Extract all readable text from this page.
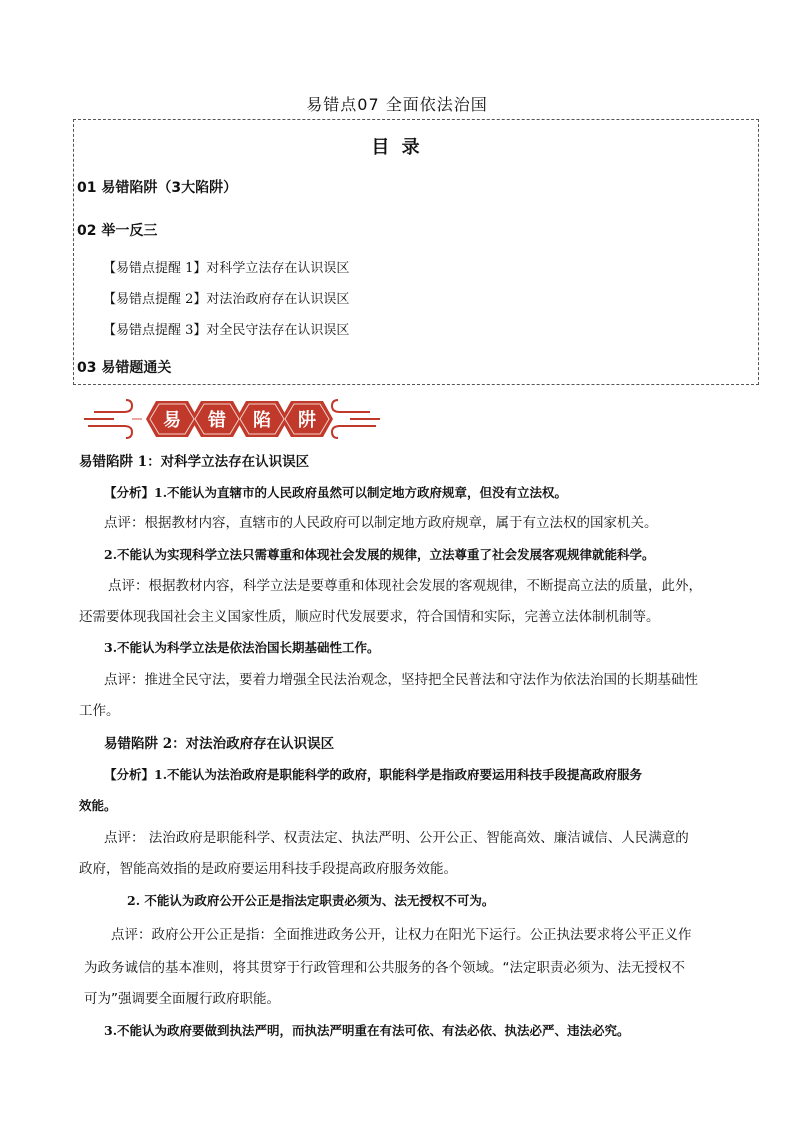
易错点07 全面依法治国
目 录
01 易错陷阱（3大陷阱）
02 举一反三
【易错点提醒 1】对科学立法存在认识误区
【易错点提醒 2】对法治政府存在认识误区
【易错点提醒 3】对全民守法存在认识误区
03 易错题通关
易 错 陷 阱
易错陷阱 1：对科学立法存在认识误区
【分析】1.不能认为直辖市的人民政府虽然可以制定地方政府规章，但没有立法权。
点评：根据教材内容，直辖市的人民政府可以制定地方政府规章，属于有立法权的国家机关。
2.不能认为实现科学立法只需尊重和体现社会发展的规律，立法尊重了社会发展客观规律就能科学。
点评：根据教材内容，科学立法是要尊重和体现社会发展的客观规律，不断提高立法的质量，此外，
还需要体现我国社会主义国家性质，顺应时代发展要求，符合国情和实际，完善立法体制机制等。
3.不能认为科学立法是依法治国长期基础性工作。
点评：推进全民守法，要着力增强全民法治观念，坚持把全民普法和守法作为依法治国的长期基础性
工作。
易错陷阱 2：对法治政府存在认识误区
【分析】1.不能认为法治政府是职能科学的政府，职能科学是指政府要运用科技手段提高政府服务
效能。
点评： 法治政府是职能科学、权责法定、执法严明、公开公正、智能高效、廉洁诚信、人民满意的
政府，智能高效指的是政府要运用科技手段提高政府服务效能。
2. 不能认为政府公开公正是指法定职责必须为、法无授权不可为。
点评：政府公开公正是指：全面推进政务公开，让权力在阳光下运行。公正执法要求将公平正义作
为政务诚信的基本准则，将其贯穿于行政管理和公共服务的各个领域。“法定职责必须为、法无授权不
可为”强调要全面履行政府职能。
3.不能认为政府要做到执法严明，而执法严明重在有法可依、有法必依、执法必严、违法必究。
